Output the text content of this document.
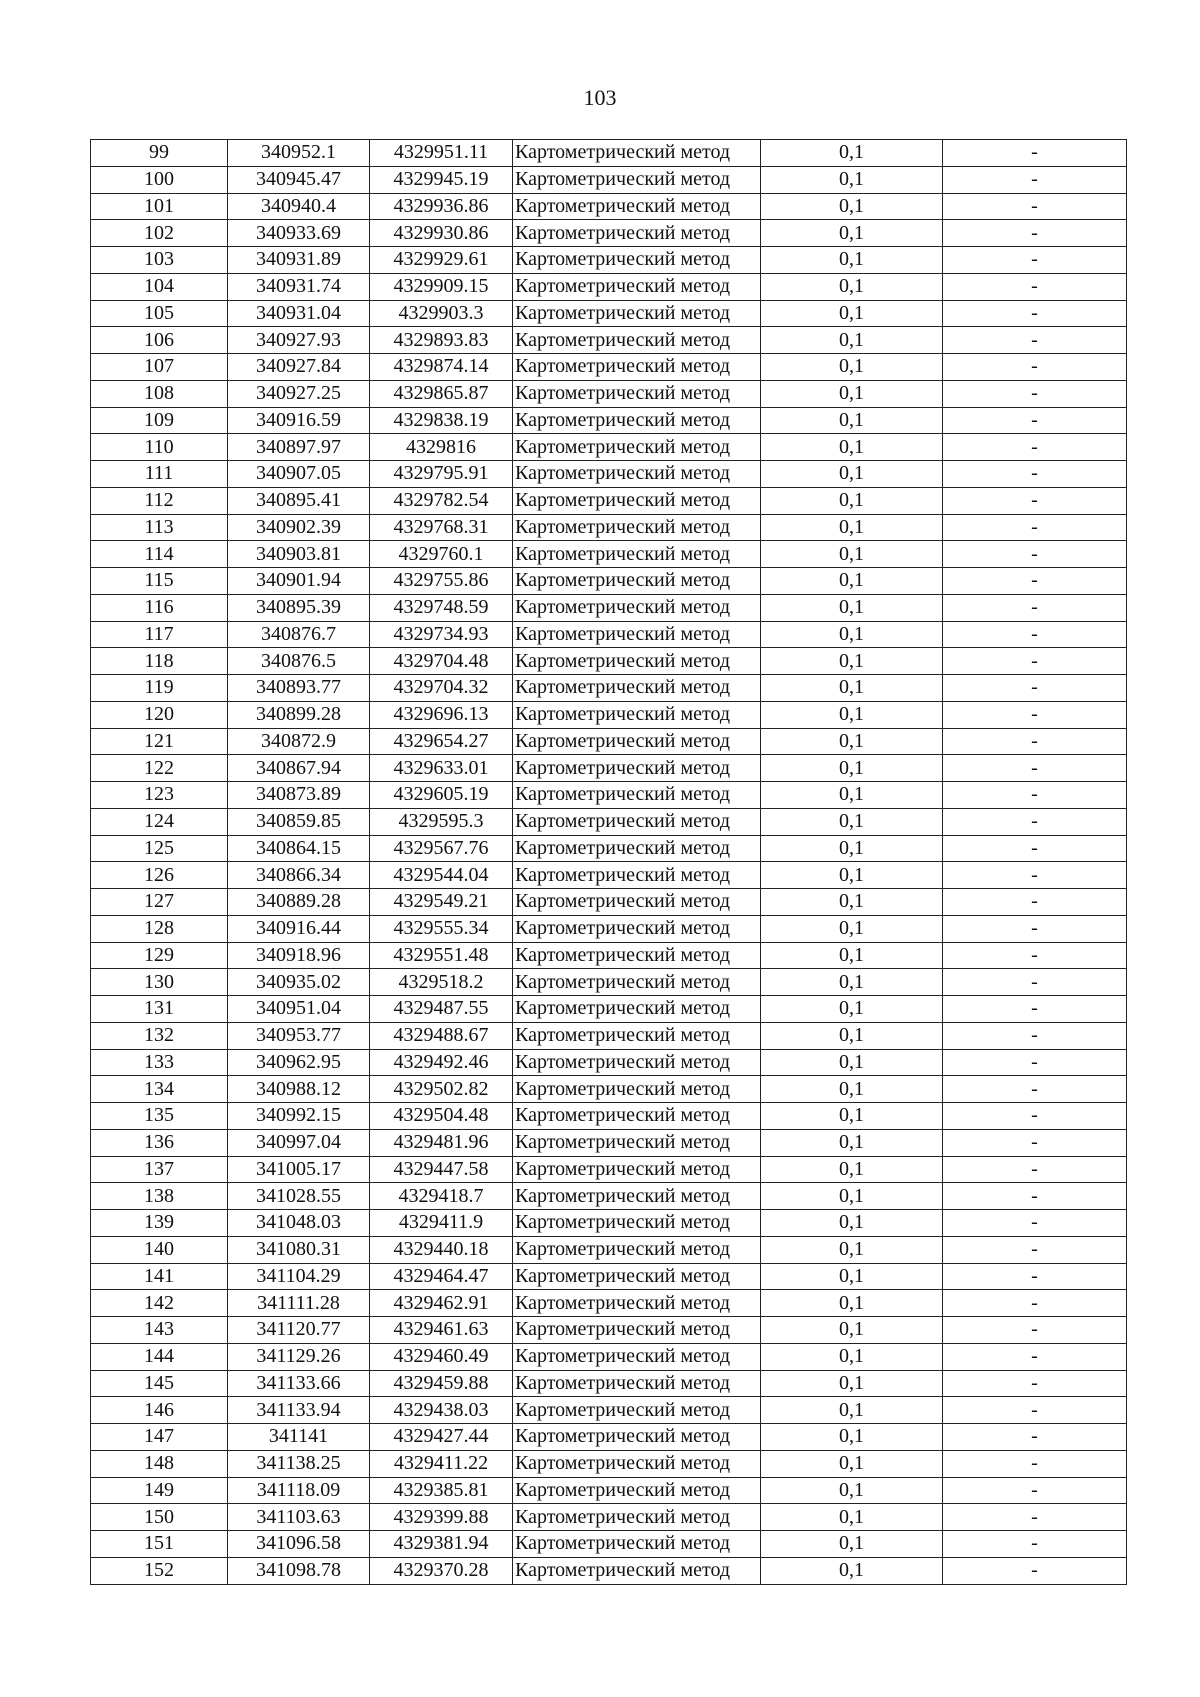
103
99	340952.1	4329951.11	Картометрический метод	0,1	-
100	340945.47	4329945.19	Картометрический метод	0,1	-
101	340940.4	4329936.86	Картометрический метод	0,1	-
102	340933.69	4329930.86	Картометрический метод	0,1	-
103	340931.89	4329929.61	Картометрический метод	0,1	-
104	340931.74	4329909.15	Картометрический метод	0,1	-
105	340931.04	4329903.3	Картометрический метод	0,1	-
106	340927.93	4329893.83	Картометрический метод	0,1	-
107	340927.84	4329874.14	Картометрический метод	0,1	-
108	340927.25	4329865.87	Картометрический метод	0,1	-
109	340916.59	4329838.19	Картометрический метод	0,1	-
110	340897.97	4329816	Картометрический метод	0,1	-
111	340907.05	4329795.91	Картометрический метод	0,1	-
112	340895.41	4329782.54	Картометрический метод	0,1	-
113	340902.39	4329768.31	Картометрический метод	0,1	-
114	340903.81	4329760.1	Картометрический метод	0,1	-
115	340901.94	4329755.86	Картометрический метод	0,1	-
116	340895.39	4329748.59	Картометрический метод	0,1	-
117	340876.7	4329734.93	Картометрический метод	0,1	-
118	340876.5	4329704.48	Картометрический метод	0,1	-
119	340893.77	4329704.32	Картометрический метод	0,1	-
120	340899.28	4329696.13	Картометрический метод	0,1	-
121	340872.9	4329654.27	Картометрический метод	0,1	-
122	340867.94	4329633.01	Картометрический метод	0,1	-
123	340873.89	4329605.19	Картометрический метод	0,1	-
124	340859.85	4329595.3	Картометрический метод	0,1	-
125	340864.15	4329567.76	Картометрический метод	0,1	-
126	340866.34	4329544.04	Картометрический метод	0,1	-
127	340889.28	4329549.21	Картометрический метод	0,1	-
128	340916.44	4329555.34	Картометрический метод	0,1	-
129	340918.96	4329551.48	Картометрический метод	0,1	-
130	340935.02	4329518.2	Картометрический метод	0,1	-
131	340951.04	4329487.55	Картометрический метод	0,1	-
132	340953.77	4329488.67	Картометрический метод	0,1	-
133	340962.95	4329492.46	Картометрический метод	0,1	-
134	340988.12	4329502.82	Картометрический метод	0,1	-
135	340992.15	4329504.48	Картометрический метод	0,1	-
136	340997.04	4329481.96	Картометрический метод	0,1	-
137	341005.17	4329447.58	Картометрический метод	0,1	-
138	341028.55	4329418.7	Картометрический метод	0,1	-
139	341048.03	4329411.9	Картометрический метод	0,1	-
140	341080.31	4329440.18	Картометрический метод	0,1	-
141	341104.29	4329464.47	Картометрический метод	0,1	-
142	341111.28	4329462.91	Картометрический метод	0,1	-
143	341120.77	4329461.63	Картометрический метод	0,1	-
144	341129.26	4329460.49	Картометрический метод	0,1	-
145	341133.66	4329459.88	Картометрический метод	0,1	-
146	341133.94	4329438.03	Картометрический метод	0,1	-
147	341141	4329427.44	Картометрический метод	0,1	-
148	341138.25	4329411.22	Картометрический метод	0,1	-
149	341118.09	4329385.81	Картометрический метод	0,1	-
150	341103.63	4329399.88	Картометрический метод	0,1	-
151	341096.58	4329381.94	Картометрический метод	0,1	-
152	341098.78	4329370.28	Картометрический метод	0,1	-
